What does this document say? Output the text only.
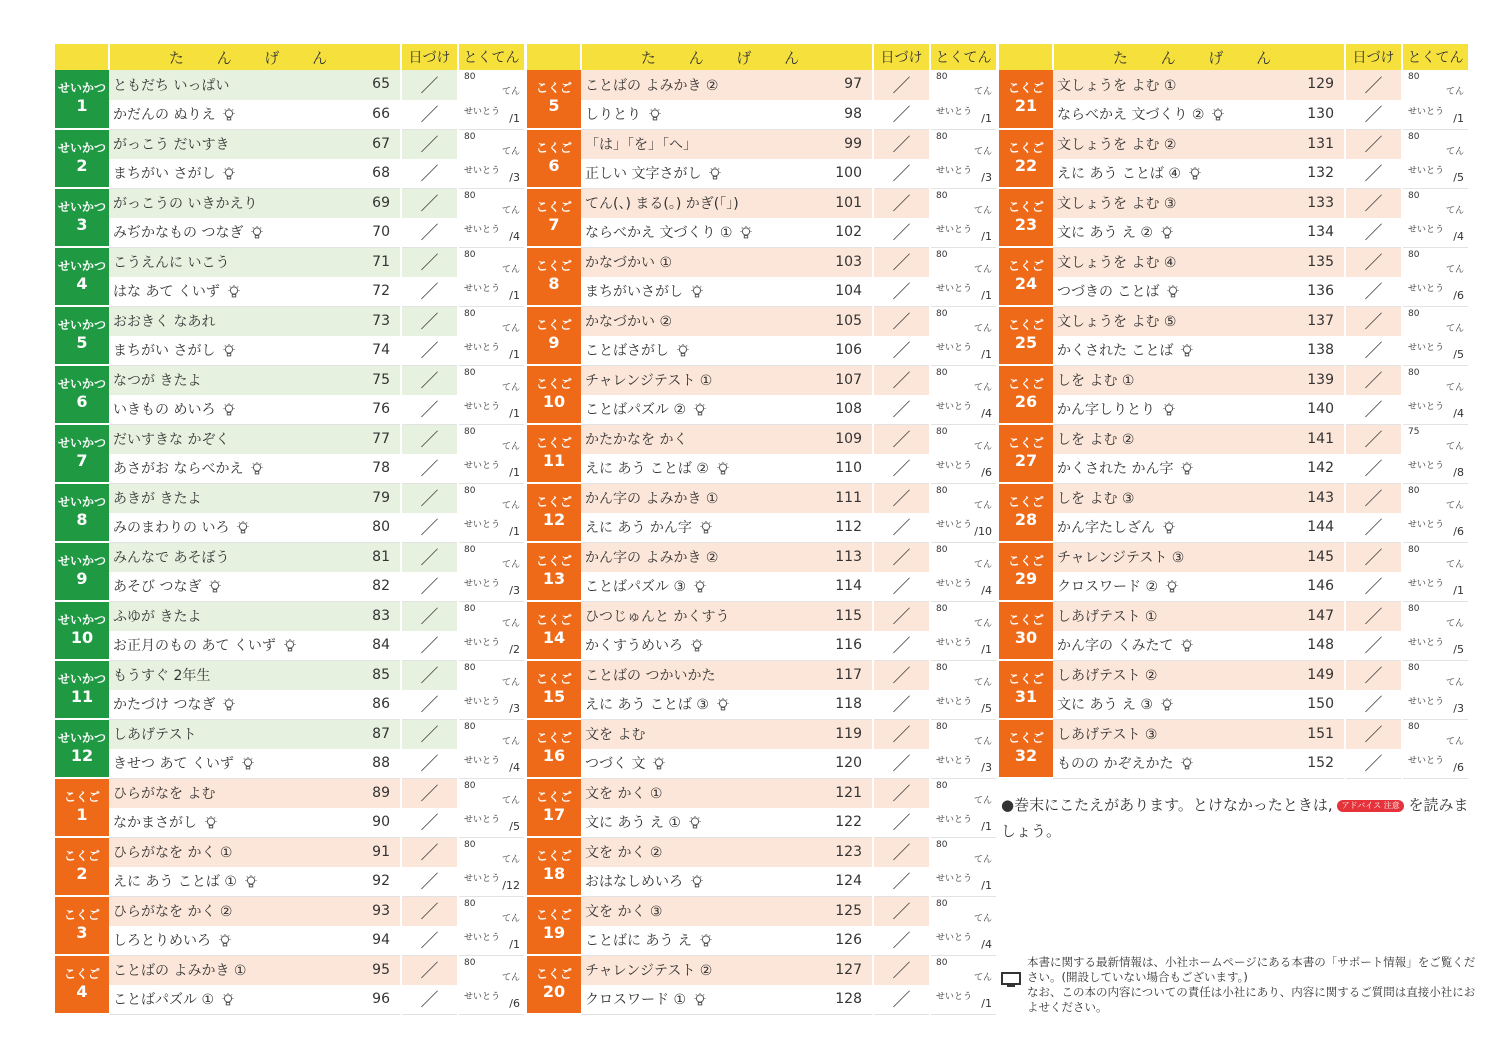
	た ん げ ん	日づけ	とくてん

せいかつ
1	ともだち いっぱい 65	／	80
てん

	かだんの ぬりえ 66	／	せいとう /1

せいかつ
2	がっこう だいすき 67	／	80
てん

	まちがい さがし 68	／	せいとう /3

せいかつ
3	がっこうの いきかえり 69	／	80
てん

	みぢかなもの つなぎ 70	／	せいとう /4

せいかつ
4	こうえんに いこう 71	／	80
てん

	はな あて くいず 72	／	せいとう /1

せいかつ
5	おおきく なあれ 73	／	80
てん

	まちがい さがし 74	／	せいとう /1

せいかつ
6	なつが きたよ 75	／	80
てん

	いきもの めいろ 76	／	せいとう /1

せいかつ
7	だいすきな かぞく 77	／	80
てん

	あさがお ならべかえ 78	／	せいとう /1

せいかつ
8	あきが きたよ 79	／	80
てん

	みのまわりの いろ 80	／	せいとう /1

せいかつ
9	みんなで あそぼう 81	／	80
てん

	あそび つなぎ 82	／	せいとう /3

せいかつ
10	ふゆが きたよ 83	／	80
てん

	お正月のもの あて くいず 84	／	せいとう /2

せいかつ
11	もうすぐ 2年生 85	／	80
てん

	かたづけ つなぎ 86	／	せいとう /3

せいかつ
12	しあげテスト 87	／	80
てん

	きせつ あて くいず 88	／	せいとう /4

こくご
1	ひらがなを よむ 89	／	80
てん

	なかまさがし 90	／	せいとう /5

こくご
2	ひらがなを かく ① 91	／	80
てん

	えに あう ことば ① 92	／	せいとう /12

こくご
3	ひらがなを かく ② 93	／	80
てん

	しろとりめいろ 94	／	せいとう /1

こくご
4	ことばの よみかき ① 95	／	80
てん

	ことばパズル ① 96	／	せいとう /6
	た ん げ ん	日づけ	とくてん

こくご
5	ことばの よみかき ② 97	／	80
てん

	しりとり 98	／	せいとう /1

こくご
6	「は」「を」「へ」 99	／	80
てん

	正しい 文字さがし 100	／	せいとう /3

こくご
7	てん(、) まる(。) かぎ(「」) 101	／	80
てん

	ならべかえ 文づくり ① 102	／	せいとう /1

こくご
8	かなづかい ① 103	／	80
てん

	まちがいさがし 104	／	せいとう /1

こくご
9	かなづかい ② 105	／	80
てん

	ことばさがし 106	／	せいとう /1

こくご
10	チャレンジテスト ① 107	／	80
てん

	ことばパズル ② 108	／	せいとう /4

こくご
11	かたかなを かく 109	／	80
てん

	えに あう ことば ② 110	／	せいとう /6

こくご
12	かん字の よみかき ① 111	／	80
てん

	えに あう かん字 112	／	せいとう /10

こくご
13	かん字の よみかき ② 113	／	80
てん

	ことばパズル ③ 114	／	せいとう /4

こくご
14	ひつじゅんと かくすう 115	／	80
てん

	かくすうめいろ 116	／	せいとう /1

こくご
15	ことばの つかいかた 117	／	80
てん

	えに あう ことば ③ 118	／	せいとう /5

こくご
16	文を よむ 119	／	80
てん

	つづく 文 120	／	せいとう /3

こくご
17	文を かく ① 121	／	80
てん

	文に あう え ① 122	／	せいとう /1

こくご
18	文を かく ② 123	／	80
てん

	おはなしめいろ 124	／	せいとう /1

こくご
19	文を かく ③ 125	／	80
てん

	ことばに あう え 126	／	せいとう /4

こくご
20	チャレンジテスト ② 127	／	80
てん

	クロスワード ① 128	／	せいとう /1
	た ん げ ん	日づけ	とくてん

こくご
21	文しょうを よむ ① 129	／	80
てん

	ならべかえ 文づくり ② 130	／	せいとう /1

こくご
22	文しょうを よむ ② 131	／	80
てん

	えに あう ことば ④ 132	／	せいとう /5

こくご
23	文しょうを よむ ③ 133	／	80
てん

	文に あう え ② 134	／	せいとう /4

こくご
24	文しょうを よむ ④ 135	／	80
てん

	つづきの ことば 136	／	せいとう /6

こくご
25	文しょうを よむ ⑤ 137	／	80
てん

	かくされた ことば 138	／	せいとう /5

こくご
26	しを よむ ① 139	／	80
てん

	かん字しりとり 140	／	せいとう /4

こくご
27	しを よむ ② 141	／	75
てん

	かくされた かん字 142	／	せいとう /8

こくご
28	しを よむ ③ 143	／	80
てん

	かん字たしざん 144	／	せいとう /6

こくご
29	チャレンジテスト ③ 145	／	80
てん

	クロスワード ② 146	／	せいとう /1

こくご
30	しあげテスト ① 147	／	80
てん

	かん字の くみたて 148	／	せいとう /5

こくご
31	しあげテスト ② 149	／	80
てん

	文に あう え ③ 150	／	せいとう /3

こくご
32	しあげテスト ③ 151	／	80
てん

	ものの かぞえかた 152	／	せいとう /6
●巻末にこたえがあります。とけなかったときは, アドバイス 注意 を読みましょう。
本書に関する最新情報は、小社ホームページにある本書の「サポート情報」をご覧ください。(開設していない場合もございます。)
なお、この本の内容についての責任は小社にあり、内容に関するご質問は直接小社におよせください。
